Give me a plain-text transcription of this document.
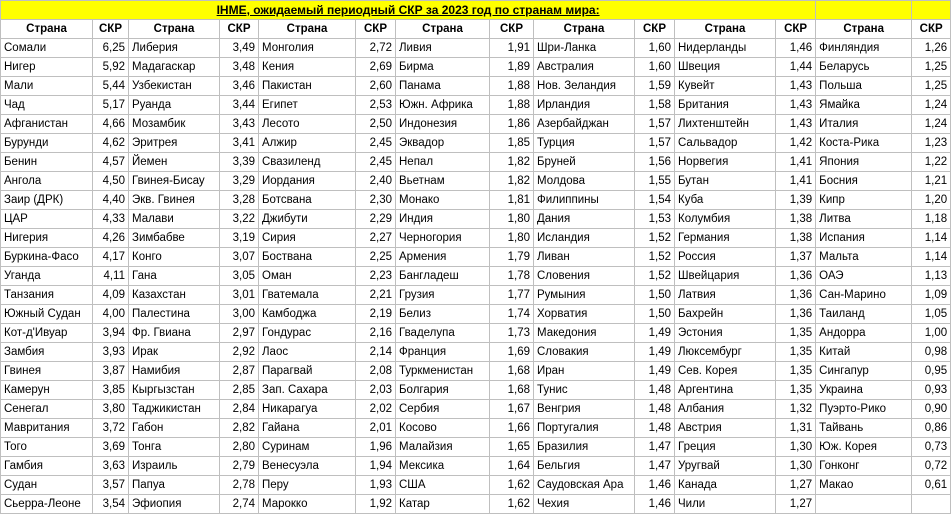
IHME, ожидаемый периодный СКР за 2023 год по странам мира:													
Страна	СКР	Страна	СКР	Страна	СКР	Страна	СКР	Страна	СКР	Страна	СКР	Страна	СКР
Сомали	6,25	Либерия	3,49	Монголия	2,72	Ливия	1,91	Шри-Ланка	1,60	Нидерланды	1,46	Финляндия	1,26
Нигер	5,92	Мадагаскар	3,48	Кения	2,69	Бирма	1,89	Австралия	1,60	Швеция	1,44	Беларусь	1,25
Мали	5,44	Узбекистан	3,46	Пакистан	2,60	Панама	1,88	Нов. Зеландия	1,59	Кувейт	1,43	Польша	1,25
Чад	5,17	Руанда	3,44	Египет	2,53	Южн. Африка	1,88	Ирландия	1,58	Британия	1,43	Ямайка	1,24
Афганистан	4,66	Мозамбик	3,43	Лесото	2,50	Индонезия	1,86	Азербайджан	1,57	Лихтенштейн	1,43	Италия	1,24
Бурунди	4,62	Эритрея	3,41	Алжир	2,45	Эквадор	1,85	Турция	1,57	Сальвадор	1,42	Коста-Рика	1,23
Бенин	4,57	Йемен	3,39	Свазиленд	2,45	Непал	1,82	Бруней	1,56	Норвегия	1,41	Япония	1,22
Ангола	4,50	Гвинея-Бисау	3,29	Иордания	2,40	Вьетнам	1,82	Молдова	1,55	Бутан	1,41	Босния	1,21
Заир (ДРК)	4,40	Экв. Гвинея	3,28	Ботсвана	2,30	Монако	1,81	Филиппины	1,54	Куба	1,39	Кипр	1,20
ЦАР	4,33	Малави	3,22	Джибути	2,29	Индия	1,80	Дания	1,53	Колумбия	1,38	Литва	1,18
Нигерия	4,26	Зимбабве	3,19	Сирия	2,27	Черногория	1,80	Исландия	1,52	Германия	1,38	Испания	1,14
Буркина-Фасо	4,17	Конго	3,07	Боствана	2,25	Армения	1,79	Ливан	1,52	Россия	1,37	Мальта	1,14
Уганда	4,11	Гана	3,05	Оман	2,23	Бангладеш	1,78	Словения	1,52	Швейцария	1,36	ОАЭ	1,13
Танзания	4,09	Казахстан	3,01	Гватемала	2,21	Грузия	1,77	Румыния	1,50	Латвия	1,36	Сан-Марино	1,09
Южный Судан	4,00	Палестина	3,00	Камбоджа	2,19	Белиз	1,74	Хорватия	1,50	Бахрейн	1,36	Таиланд	1,05
Кот-д'Ивуар	3,94	Фр. Гвиана	2,97	Гондурас	2,16	Гваделупа	1,73	Македония	1,49	Эстония	1,35	Андорра	1,00
Замбия	3,93	Ирак	2,92	Лаос	2,14	Франция	1,69	Словакия	1,49	Люксембург	1,35	Китай	0,98
Гвинея	3,87	Намибия	2,87	Парагвай	2,08	Туркменистан	1,68	Иран	1,49	Сев. Корея	1,35	Сингапур	0,95
Камерун	3,85	Кыргызстан	2,85	Зап. Сахара	2,03	Болгария	1,68	Тунис	1,48	Аргентина	1,35	Украина	0,93
Сенегал	3,80	Таджикистан	2,84	Никарагуа	2,02	Сербия	1,67	Венгрия	1,48	Албания	1,32	Пуэрто-Рико	0,90
Мавритания	3,72	Габон	2,82	Гайана	2,01	Косово	1,66	Португалия	1,48	Австрия	1,31	Тайвань	0,86
Того	3,69	Тонга	2,80	Суринам	1,96	Малайзия	1,65	Бразилия	1,47	Греция	1,30	Юж. Корея	0,73
Гамбия	3,63	Израиль	2,79	Венесуэла	1,94	Мексика	1,64	Бельгия	1,47	Уругвай	1,30	Гонконг	0,72
Судан	3,57	Папуа	2,78	Перу	1,93	США	1,62	Саудовская Ара	1,46	Канада	1,27	Макао	0,61
Сьерра-Леоне	3,54	Эфиопия	2,74	Марокко	1,92	Катар	1,62	Чехия	1,46	Чили	1,27		
